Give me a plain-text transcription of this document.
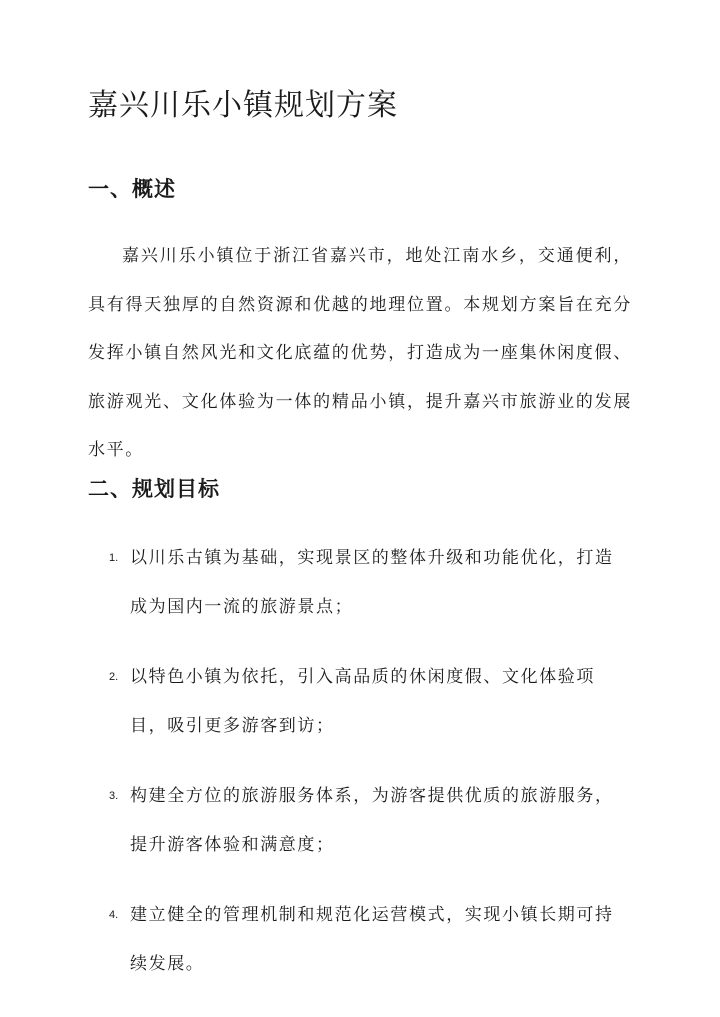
嘉兴川乐小镇规划方案
一、概述

嘉兴川乐小镇位于浙江省嘉兴市，地处江南水乡，交通便利，具有得天独厚的自然资源和优越的地理位置。本规划方案旨在充分发挥小镇自然风光和文化底蕴的优势，打造成为一座集休闲度假、旅游观光、文化体验为一体的精品小镇，提升嘉兴市旅游业的发展水平。

二、规划目标
1. 以川乐古镇为基础，实现景区的整体升级和功能优化，打造成为国内一流的旅游景点；
2. 以特色小镇为依托，引入高品质的休闲度假、文化体验项目，吸引更多游客到访；
3. 构建全方位的旅游服务体系，为游客提供优质的旅游服务，提升游客体验和满意度；
4. 建立健全的管理机制和规范化运营模式，实现小镇长期可持续发展。
